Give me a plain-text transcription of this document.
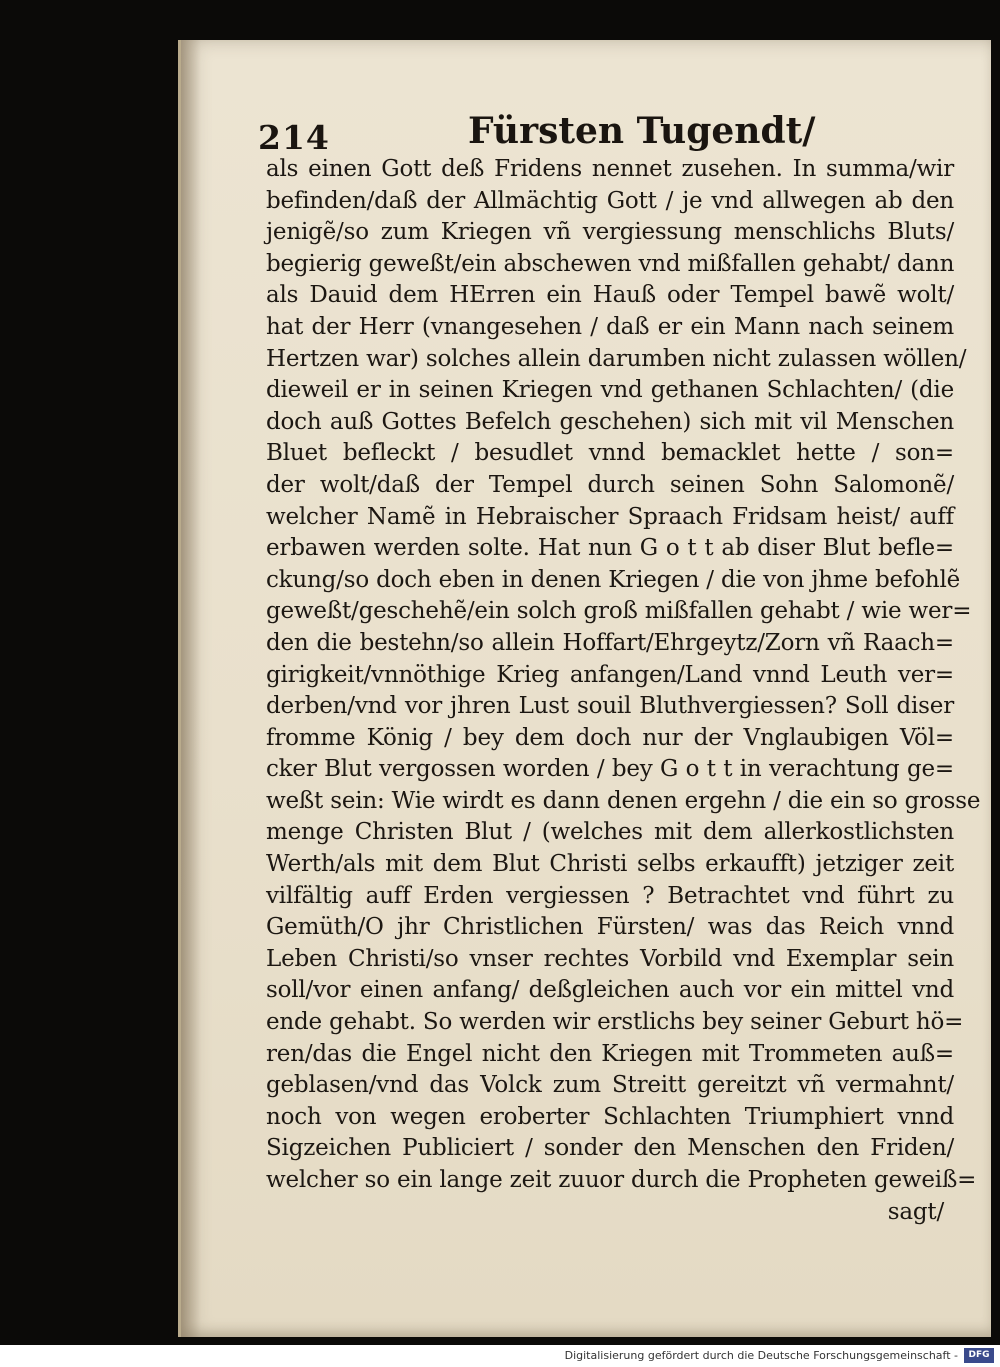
214	Fürsten Tugendt/
als einen Gott deß Fridens nennet zusehen. In summa/wir
befinden/daß der Allmächtig Gott / je vnd allwegen ab den
jenigẽ/so zum Kriegen vñ vergiessung menschlichs Bluts/
begierig geweßt/ein abschewen vnd mißfallen gehabt/ dann
als Dauid dem HErren ein Hauß oder Tempel bawẽ wolt/
hat der Herr (vnangesehen / daß er ein Mann nach seinem
Hertzen war) solches allein darumben nicht zulassen wöllen/
dieweil er in seinen Kriegen vnd gethanen Schlachten/ (die
doch auß Gottes Befelch geschehen) sich mit vil Menschen
Bluet befleckt / besudlet vnnd bemacklet hette / son=
der wolt/daß der Tempel durch seinen Sohn Salomonẽ/
welcher Namẽ in Hebraischer Spraach Fridsam heist/ auff
erbawen werden solte. Hat nun G o t t ab diser Blut befle=
ckung/so doch eben in denen Kriegen / die von jhme befohlẽ
geweßt/geschehẽ/ein solch groß mißfallen gehabt / wie wer=
den die bestehn/so allein Hoffart/Ehrgeytz/Zorn vñ Raach=
girigkeit/vnnöthige Krieg anfangen/Land vnnd Leuth ver=
derben/vnd vor jhren Lust souil Bluthvergiessen? Soll diser
fromme König / bey dem doch nur der Vnglaubigen Völ=
cker Blut vergossen worden / bey G o t t in verachtung ge=
weßt sein: Wie wirdt es dann denen ergehn / die ein so grosse
menge Christen Blut / (welches mit dem allerkostlichsten
Werth/als mit dem Blut Christi selbs erkaufft) jetziger zeit
vilfältig auff Erden vergiessen ? Betrachtet vnd führt zu
Gemüth/O jhr Christlichen Fürsten/ was das Reich vnnd
Leben Christi/so vnser rechtes Vorbild vnd Exemplar sein
soll/vor einen anfang/ deßgleichen auch vor ein mittel vnd
ende gehabt. So werden wir erstlichs bey seiner Geburt hö=
ren/das die Engel nicht den Kriegen mit Trommeten auß=
geblasen/vnd das Volck zum Streitt gereitzt vñ vermahnt/
noch von wegen eroberter Schlachten Triumphiert vnnd
Sigzeichen Publiciert / sonder den Menschen den Friden/
welcher so ein lange zeit zuuor durch die Propheten geweiß=
sagt/
Digitalisierung gefördert durch die Deutsche Forschungsgemeinschaft -	DFG
